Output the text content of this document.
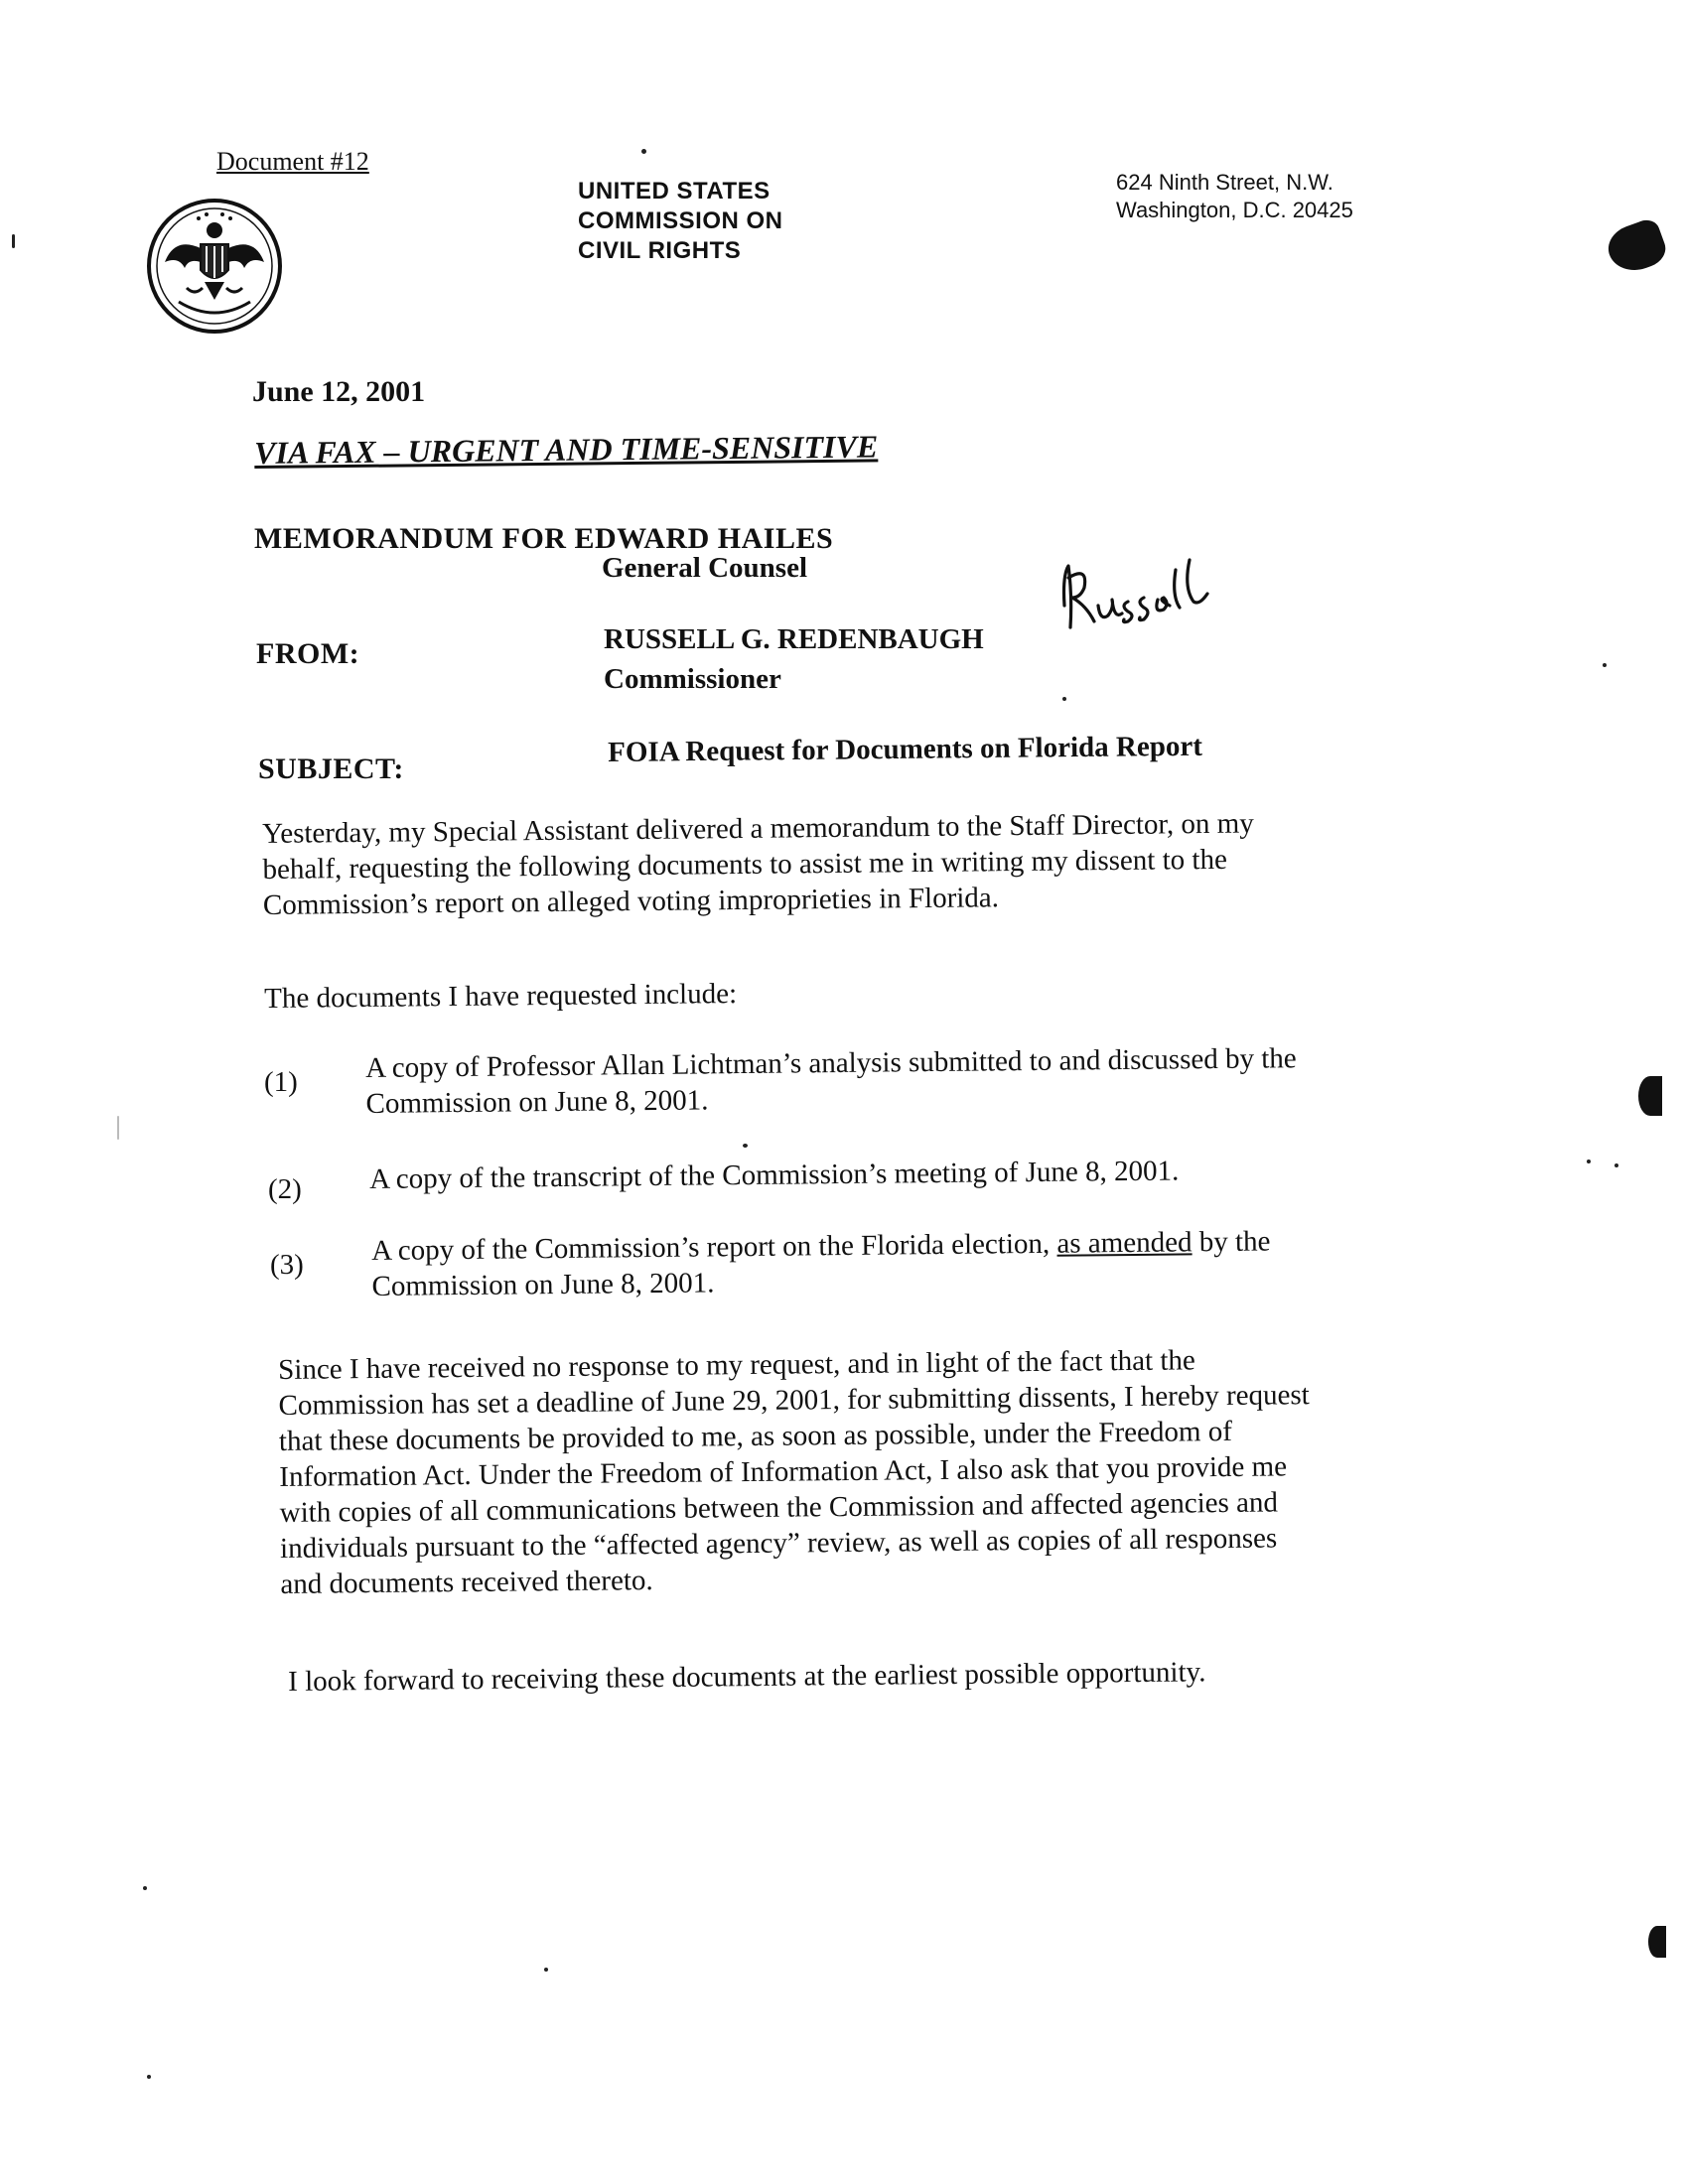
Document #12
UNITED STATES
COMMISSION ON
CIVIL RIGHTS
624 Ninth Street, N.W.
Washington, D.C. 20425
June 12, 2001
VIA FAX – URGENT AND TIME-SENSITIVE
MEMORANDUM FOR EDWARD HAILES
General Counsel
FROM:	RUSSELL G. REDENBAUGH
Commissioner
SUBJECT:
FOIA Request for Documents on Florida Report
Yesterday, my Special Assistant delivered a memorandum to the Staff Director, on my
behalf, requesting the following documents to assist me in writing my dissent to the
Commission’s report on alleged voting improprieties in Florida.
The documents I have requested include:
(1) A copy of Professor Allan Lichtman’s analysis submitted to and discussed by the
Commission on June 8, 2001.
(2) A copy of the transcript of the Commission’s meeting of June 8, 2001.
(3) A copy of the Commission’s report on the Florida election, as amended by the
Commission on June 8, 2001.
Since I have received no response to my request, and in light of the fact that the
Commission has set a deadline of June 29, 2001, for submitting dissents, I hereby request
that these documents be provided to me, as soon as possible, under the Freedom of
Information Act. Under the Freedom of Information Act, I also ask that you provide me
with copies of all communications between the Commission and affected agencies and
individuals pursuant to the “affected agency” review, as well as copies of all responses
and documents received thereto.
I look forward to receiving these documents at the earliest possible opportunity.
